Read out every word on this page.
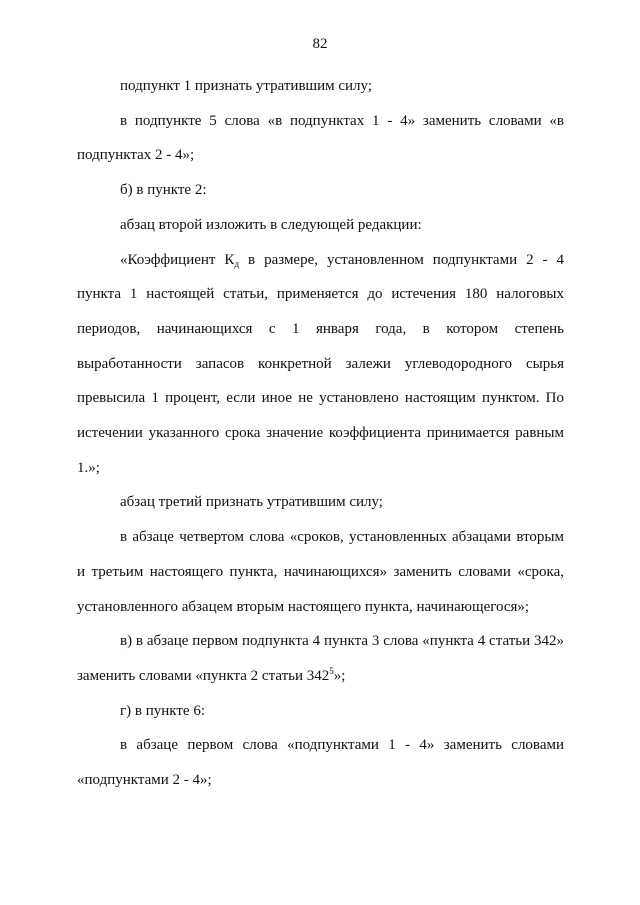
82

подпункт 1 признать утратившим силу;

в подпункте 5 слова «в подпунктах 1 - 4» заменить словами «в подпунктах 2 - 4»;

б) в пункте 2:

абзац второй изложить в следующей редакции:

«Коэффициент $К_д$ в размере, установленном подпунктами 2 - 4 пункта 1 настоящей статьи, применяется до истечения 180 налоговых периодов, начинающихся с 1 января года, в котором степень выработанности запасов конкретной залежи углеводородного сырья превысила 1 процент, если иное не установлено настоящим пунктом. По истечении указанного срока значение коэффициента принимается равным 1.»;

абзац третий признать утратившим силу;

в абзаце четвертом слова «сроков, установленных абзацами вторым и третьим настоящего пункта, начинающихся» заменить словами «срока, установленного абзацем вторым настоящего пункта, начинающегося»;

в) в абзаце первом подпункта 4 пункта 3 слова «пункта 4 статьи 342» заменить словами «пункта 2 статьи $342^5$»;

г) в пункте 6:

в абзаце первом слова «подпунктами 1 - 4» заменить словами «подпунктами 2 - 4»;
